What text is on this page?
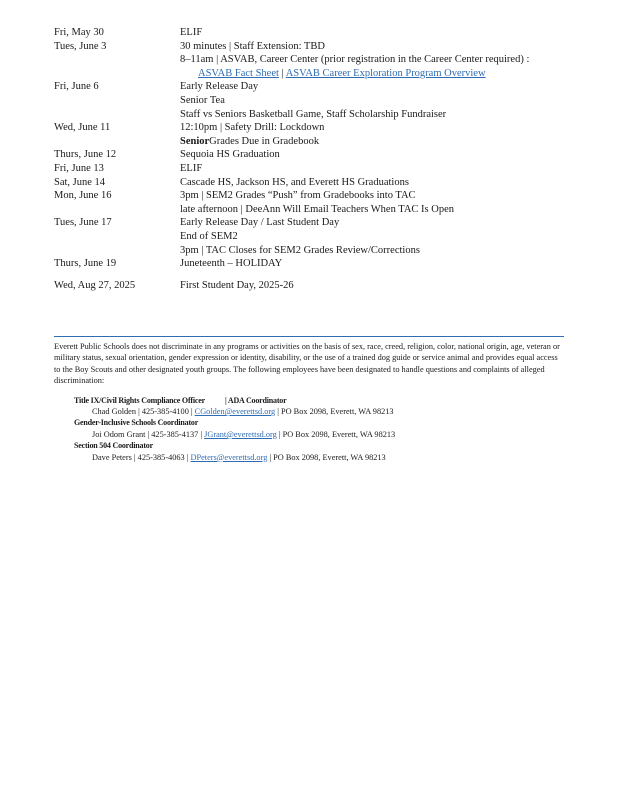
Fri, May 30	ELIF
Tues, June 3	30 minutes | Staff Extension: TBD
8–11am | ASVAB, Career Center (prior registration in the Career Center required) :
ASVAB Fact Sheet | ASVAB Career Exploration Program Overview
Fri, June 6	Early Release Day
Senior Tea
Staff vs Seniors Basketball Game, Staff Scholarship Fundraiser
Wed, June 11	12:10pm | Safety Drill: Lockdown
SeniorGrades Due in Gradebook
Thurs, June 12	Sequoia HS Graduation
Fri, June 13	ELIF
Sat, June 14	Cascade HS, Jackson HS, and Everett HS Graduations
Mon, June 16	3pm | SEM2 Grades “Push” from Gradebooks into TAC
late afternoon | DeeAnn Will Email Teachers When TAC Is Open
Tues, June 17	Early Release Day / Last Student Day
End of SEM2
3pm | TAC Closes for SEM2 Grades Review/Corrections
Thurs, June 19	Juneteenth – HOLIDAY
Wed, Aug 27, 2025	First Student Day, 2025-26

Everett Public Schools does not discriminate in any programs or activities on the basis of sex, race, creed, religion, color, national origin, age, veteran or military status, sexual orientation, gender expression or identity, disability, or the use of a trained dog guide or service animal and provides equal access to the Boy Scouts and other designated youth groups. The following employees have been designated to handle questions and complaints of alleged discrimination:

Title IX/Civil Rights Compliance Officer	| ADA Coordinator
Chad Golden | 425-385-4100 | CGolden@everettsd.org | PO Box 2098, Everett, WA 98213
Gender-Inclusive Schools Coordinator
Joi Odom Grant | 425-385-4137 | JGrant@everettsd.org | PO Box 2098, Everett, WA 98213
Section 504 Coordinator
Dave Peters | 425-385-4063 | DPeters@everettsd.org | PO Box 2098, Everett, WA 98213
